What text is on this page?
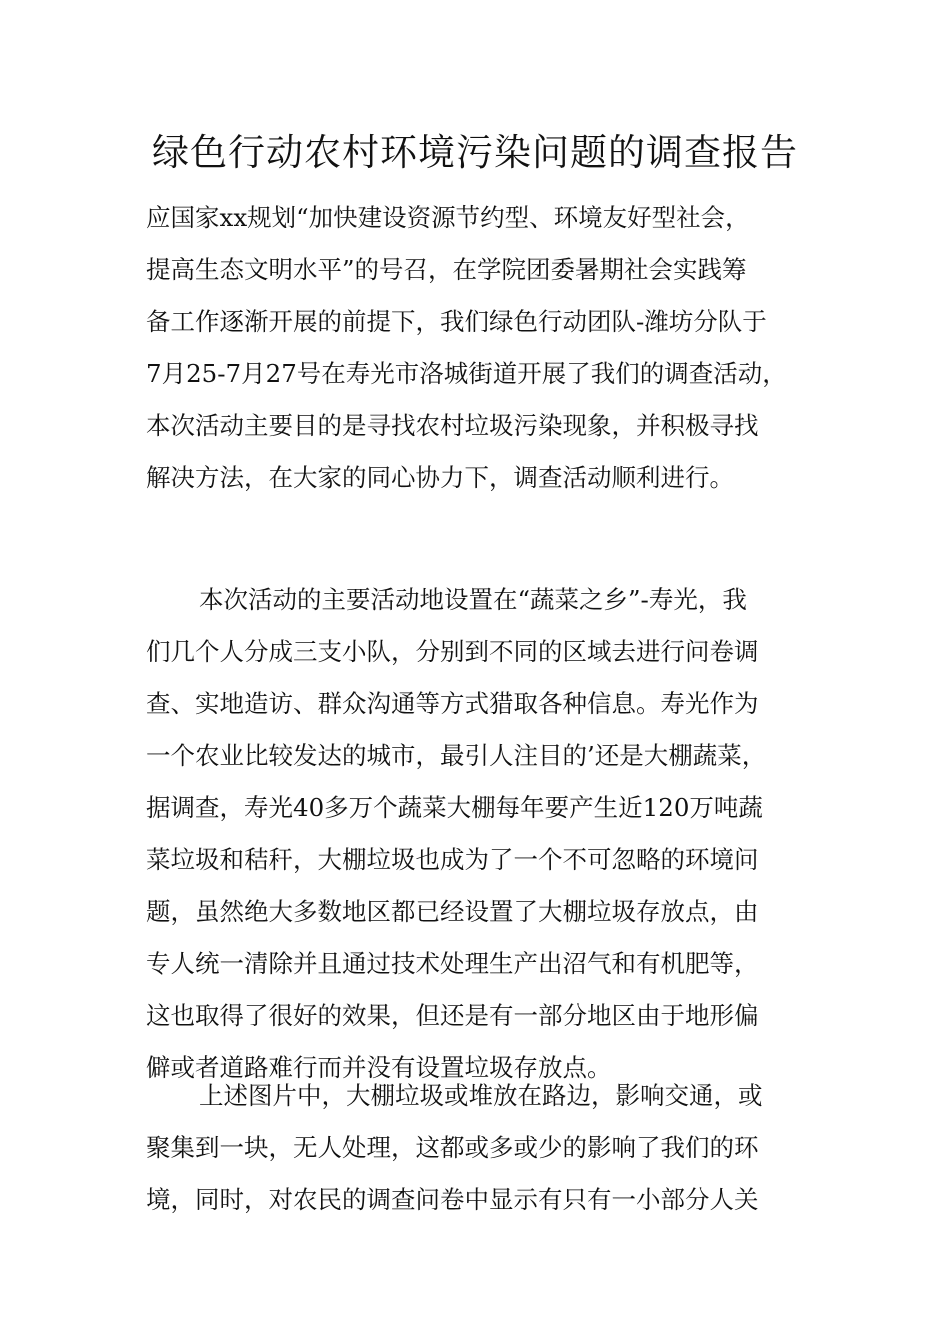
绿色行动农村环境污染问题的调查报告
应国家xx规划“加快建设资源节约型、环境友好型社会，
提高生态文明水平”的号召，在学院团委暑期社会实践筹
备工作逐渐开展的前提下，我们绿色行动团队-潍坊分队于
7月25-7月27号在寿光市洛城街道开展了我们的调查活动，
本次活动主要目的是寻找农村垃圾污染现象，并积极寻找
解决方法，在大家的同心协力下，调查活动顺利进行。
本次活动的主要活动地设置在“蔬菜之乡”-寿光，我
们几个人分成三支小队，分别到不同的区域去进行问卷调
查、实地造访、群众沟通等方式猎取各种信息。寿光作为
一个农业比较发达的城市，最引人注目的’还是大棚蔬菜，
据调查，寿光40多万个蔬菜大棚每年要产生近120万吨蔬
菜垃圾和秸秆，大棚垃圾也成为了一个不可忽略的环境问
题，虽然绝大多数地区都已经设置了大棚垃圾存放点，由
专人统一清除并且通过技术处理生产出沼气和有机肥等，
这也取得了很好的效果，但还是有一部分地区由于地形偏
僻或者道路难行而并没有设置垃圾存放点。
上述图片中，大棚垃圾或堆放在路边，影响交通，或
聚集到一块，无人处理，这都或多或少的影响了我们的环
境，同时，对农民的调查问卷中显示有只有一小部分人关
